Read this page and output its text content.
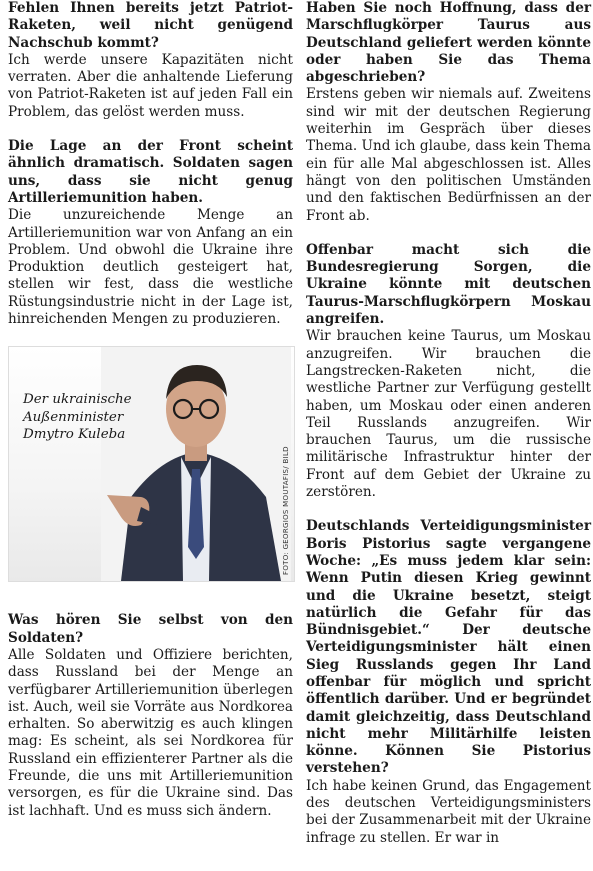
Fehlen Ihnen bereits jetzt Patriot-Raketen, weil nicht genügend Nachschub kommt?

Ich werde unsere Kapazitäten nicht verraten. Aber die anhaltende Lieferung von Patriot-Raketen ist auf jeden Fall ein Problem, das gelöst werden muss.

Die Lage an der Front scheint ähnlich dramatisch. Soldaten sagen uns, dass sie nicht genug Artilleriemunition haben.

Die unzureichende Menge an Artilleriemunition war von Anfang an ein Problem. Und obwohl die Ukraine ihre Produktion deutlich gesteigert hat, stellen wir fest, dass die westliche Rüstungsindustrie nicht in der Lage ist, hinreichenden Mengen zu produzieren.

Der ukrainische Außenminister Dmytro Kuleba
FOTO: GEORGIOS MOUTAFIS/ BILD

Was hören Sie selbst von den Soldaten?

Alle Soldaten und Offiziere berichten, dass Russland bei der Menge an verfügbarer Artilleriemunition überlegen ist. Auch, weil sie Vorräte aus Nordkorea erhalten. So aberwitzig es auch klingen mag: Es scheint, als sei Nordkorea für Russland ein effizienterer Partner als die Freunde, die uns mit Artilleriemunition versorgen, es für die Ukraine sind. Das ist lachhaft. Und es muss sich ändern.

Haben Sie noch Hoffnung, dass der Marschflugkörper Taurus aus Deutschland geliefert werden könnte oder haben Sie das Thema abgeschrieben?

Erstens geben wir niemals auf. Zweitens sind wir mit der deutschen Regierung weiterhin im Gespräch über dieses Thema. Und ich glaube, dass kein Thema ein für alle Mal abgeschlossen ist. Alles hängt von den politischen Umständen und den faktischen Bedürfnissen an der Front ab.

Offenbar macht sich die Bundesregierung Sorgen, die Ukraine könnte mit deutschen Taurus-Marschflugkörpern Moskau angreifen.

Wir brauchen keine Taurus, um Moskau anzugreifen. Wir brauchen die Langstrecken-Raketen nicht, die westliche Partner zur Verfügung gestellt haben, um Moskau oder einen anderen Teil Russlands anzugreifen. Wir brauchen Taurus, um die russische militärische Infrastruktur hinter der Front auf dem Gebiet der Ukraine zu zerstören.

Deutschlands Verteidigungsminister Boris Pistorius sagte vergangene Woche: „Es muss jedem klar sein: Wenn Putin diesen Krieg gewinnt und die Ukraine besetzt, steigt natürlich die Gefahr für das Bündnisgebiet.“ Der deutsche Verteidigungsminister hält einen Sieg Russlands gegen Ihr Land offenbar für möglich und spricht öffentlich darüber. Und er begründet damit gleichzeitig, dass Deutschland nicht mehr Militärhilfe leisten könne. Können Sie Pistorius verstehen?

Ich habe keinen Grund, das Engagement des deutschen Verteidigungsministers bei der Zusammenarbeit mit der Ukraine infrage zu stellen. Er war in
